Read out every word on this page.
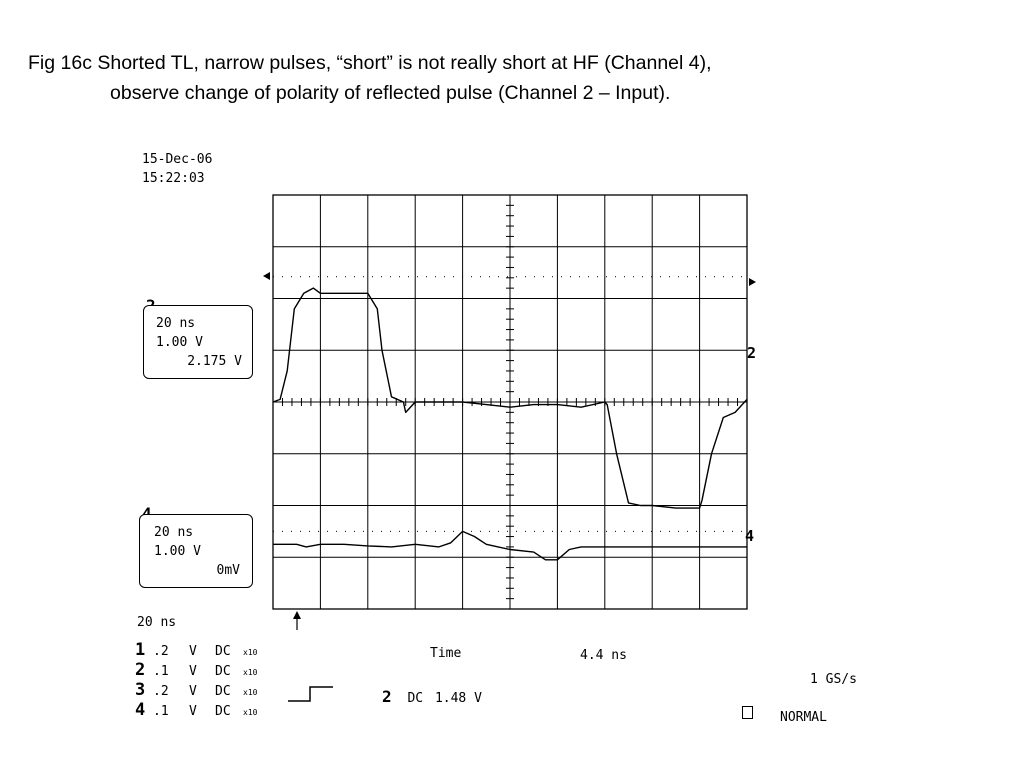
Fig 16c Shorted TL, narrow pulses, “short” is not really short at HF (Channel 4),
observe change of polarity of reflected pulse (Channel 2 – Input).
15-Dec-06
15:22:03
20 ns
1.00 V
2.175 V
20 ns
1.00 V
0mV
2
4
20 ns
1 .2 V DC x10
2 .1 V DC x10
3 .2 V DC x10
4 .1 V DC x10
2 DC 1.48 V
Time	4.4 ns
1 GS/s
NORMAL
